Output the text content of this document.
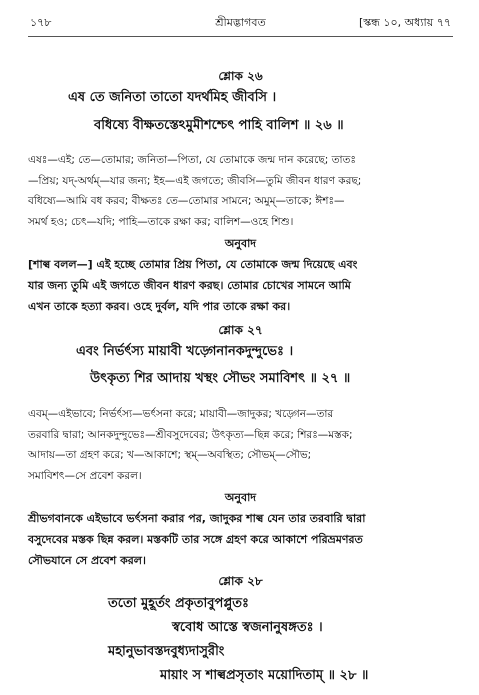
১৭৮	শ্রীমদ্ভাগবত	[স্কন্ধ ১০, অধ্যায় ৭৭
শ্লোক ২৬
এষ তে জনিতা তাতো যদর্থমিহ জীবসি ।
বধিষ্যে বীক্ষতস্তেঽমুমীশশ্চেৎ পাহি বালিশ ॥ ২৬ ॥
এষঃ—এই; তে—তোমার; জনিতা—পিতা, যে তোমাকে জন্ম দান করেছে; তাতঃ
—প্রিয়; যদ্-অর্থম্—যার জন্য; ইহ—এই জগতে; জীবসি—তুমি জীবন ধারণ করছ;
বধিষ্যে—আমি বধ করব; বীক্ষতঃ তে—তোমার সামনে; অমুম্—তাকে; ঈশঃ—
সমর্থ হও; চেৎ—যদি; পাহি—তাকে রক্ষা কর; বালিশ—ওহে শিশু।
অনুবাদ
[শাল্ব বলল—] এই হচ্ছে তোমার প্রিয় পিতা, যে তোমাকে জন্ম দিয়েছে এবং
যার জন্য তুমি এই জগতে জীবন ধারণ করছ। তোমার চোখের সামনে আমি
এখন তাকে হত্যা করব। ওহে দুর্বল, যদি পার তাকে রক্ষা কর।
শ্লোক ২৭
এবং নির্ভর্ৎস্য মায়াবী খড়্গেনানকদুন্দুভেঃ ।
উৎকৃত্য শির আদায় খস্থং সৌভং সমাবিশৎ ॥ ২৭ ॥
এবম্—এইভাবে; নির্ভর্ৎস্য—ভর্ৎসনা করে; মায়াবী—জাদুকর; খড়্গেন—তার
তরবারি দ্বারা; আনকদুন্দুভেঃ—শ্রীবসুদেবের; উৎকৃত্য—ছিন্ন করে; শিরঃ—মস্তক;
আদায়—তা গ্রহণ করে; খ—আকাশে; স্থম্—অবস্থিত; সৌভম্—সৌভ;
সমাবিশৎ—সে প্রবেশ করল।
অনুবাদ
শ্রীভগবানকে এইভাবে ভর্ৎসনা করার পর, জাদুকর শাল্ব যেন তার তরবারি দ্বারা
বসুদেবের মস্তক ছিন্ন করল। মস্তকটি তার সঙ্গে গ্রহণ করে আকাশে পরিভ্রমণরত
সৌভযানে সে প্রবেশ করল।
শ্লোক ২৮
ততো মুহূর্তং প্রকৃতাবুপপ্লুতঃ
স্ববোধ আস্তে স্বজনানুষঙ্গতঃ ।
মহানুভাবস্তদবুধ্যদাসুরীং
মায়াং স শাল্বপ্রসৃতাং ময়োদিতাম্ ॥ ২৮ ॥
